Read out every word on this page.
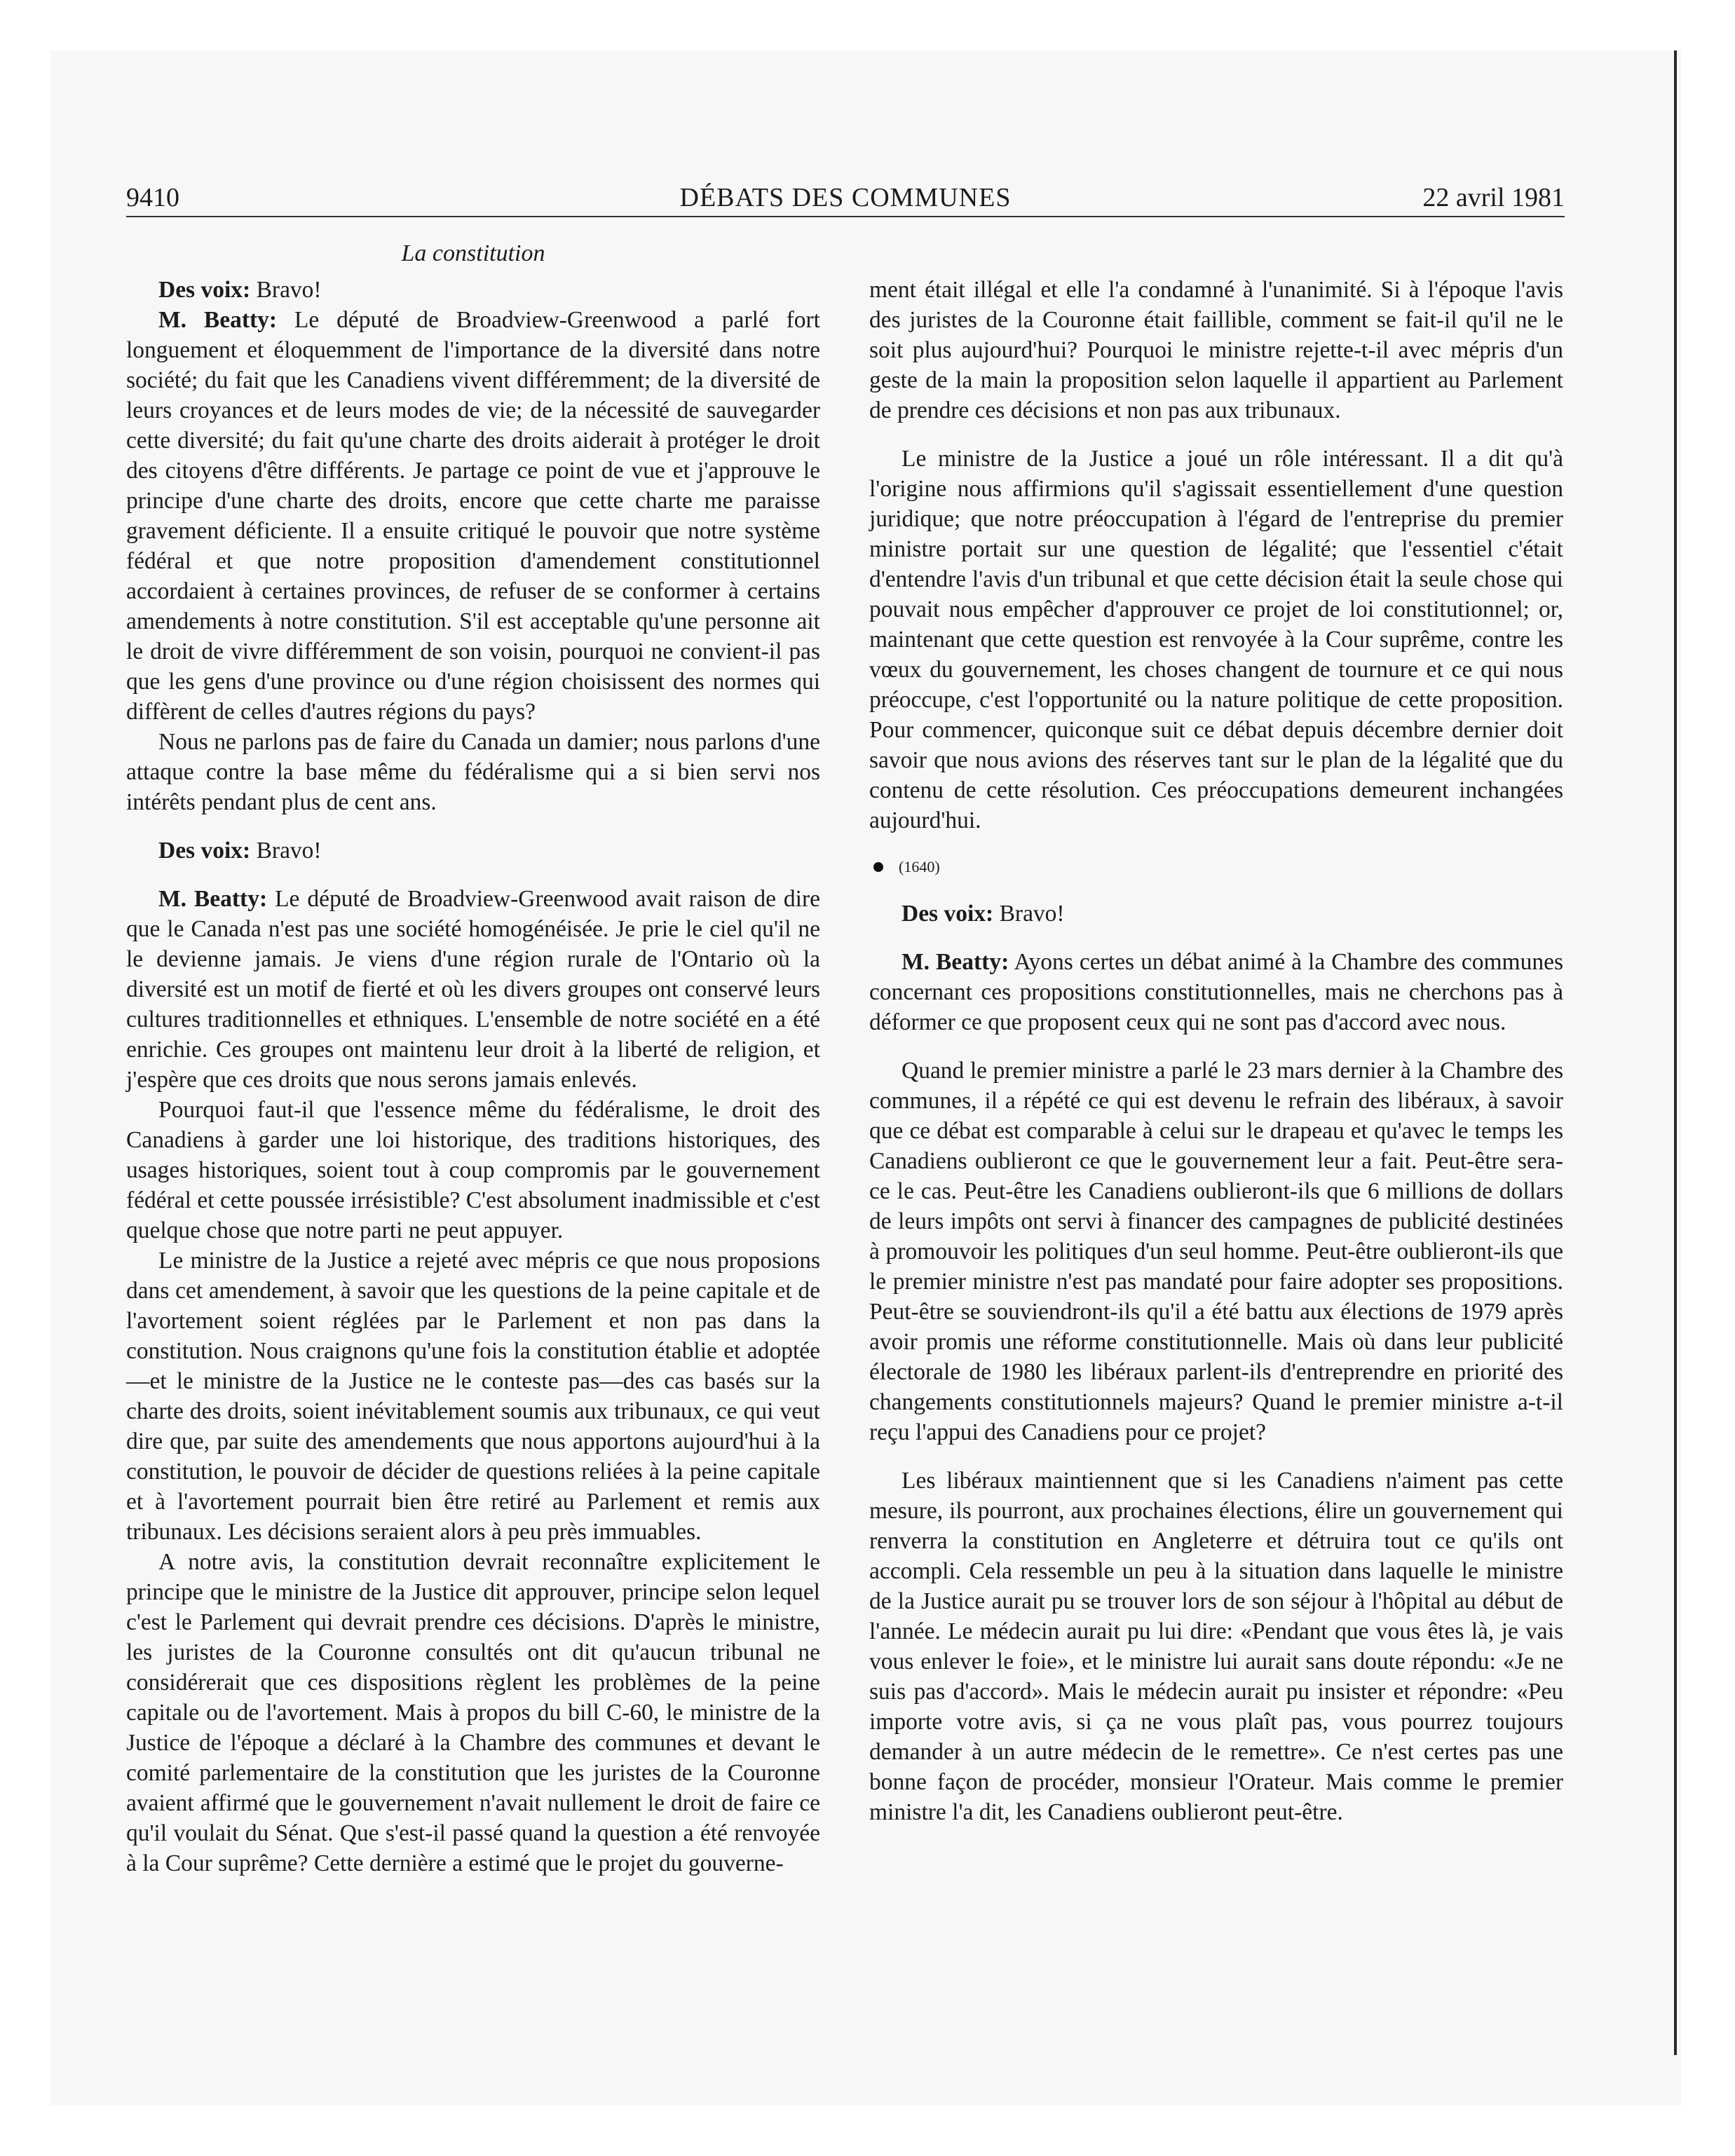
9410	DÉBATS DES COMMUNES	22 avril 1981
La constitution

Des voix: Bravo!

M. Beatty: Le député de Broadview-Greenwood a parlé fort longuement et éloquemment de l'importance de la diversité dans notre société; du fait que les Canadiens vivent différemment; de la diversité de leurs croyances et de leurs modes de vie; de la nécessité de sauvegarder cette diversité; du fait qu'une charte des droits aiderait à protéger le droit des citoyens d'être différents. Je partage ce point de vue et j'approuve le principe d'une charte des droits, encore que cette charte me paraisse gravement déficiente. Il a ensuite critiqué le pouvoir que notre système fédéral et que notre proposition d'amendement constitutionnel accordaient à certaines provinces, de refuser de se conformer à certains amendements à notre constitution. S'il est acceptable qu'une personne ait le droit de vivre différemment de son voisin, pourquoi ne convient-il pas que les gens d'une province ou d'une région choisissent des normes qui diffèrent de celles d'autres régions du pays?

Nous ne parlons pas de faire du Canada un damier; nous parlons d'une attaque contre la base même du fédéralisme qui a si bien servi nos intérêts pendant plus de cent ans.

Des voix: Bravo!

M. Beatty: Le député de Broadview-Greenwood avait raison de dire que le Canada n'est pas une société homogénéisée. Je prie le ciel qu'il ne le devienne jamais. Je viens d'une région rurale de l'Ontario où la diversité est un motif de fierté et où les divers groupes ont conservé leurs cultures traditionnelles et ethniques. L'ensemble de notre société en a été enrichie. Ces groupes ont maintenu leur droit à la liberté de religion, et j'espère que ces droits que nous serons jamais enlevés.

Pourquoi faut-il que l'essence même du fédéralisme, le droit des Canadiens à garder une loi historique, des traditions historiques, des usages historiques, soient tout à coup compromis par le gouvernement fédéral et cette poussée irrésistible? C'est absolument inadmissible et c'est quelque chose que notre parti ne peut appuyer.

Le ministre de la Justice a rejeté avec mépris ce que nous proposions dans cet amendement, à savoir que les questions de la peine capitale et de l'avortement soient réglées par le Parlement et non pas dans la constitution. Nous craignons qu'une fois la constitution établie et adoptée—et le ministre de la Justice ne le conteste pas—des cas basés sur la charte des droits, soient inévitablement soumis aux tribunaux, ce qui veut dire que, par suite des amendements que nous apportons aujourd'hui à la constitution, le pouvoir de décider de questions reliées à la peine capitale et à l'avortement pourrait bien être retiré au Parlement et remis aux tribunaux. Les décisions seraient alors à peu près immuables.

A notre avis, la constitution devrait reconnaître explicitement le principe que le ministre de la Justice dit approuver, principe selon lequel c'est le Parlement qui devrait prendre ces décisions. D'après le ministre, les juristes de la Couronne consultés ont dit qu'aucun tribunal ne considérerait que ces dispositions règlent les problèmes de la peine capitale ou de l'avortement. Mais à propos du bill C-60, le ministre de la Justice de l'époque a déclaré à la Chambre des communes et devant le comité parlementaire de la constitution que les juristes de la Couronne avaient affirmé que le gouvernement n'avait nullement le droit de faire ce qu'il voulait du Sénat. Que s'est-il passé quand la question a été renvoyée à la Cour suprême? Cette dernière a estimé que le projet du gouverne-

ment était illégal et elle l'a condamné à l'unanimité. Si à l'époque l'avis des juristes de la Couronne était faillible, comment se fait-il qu'il ne le soit plus aujourd'hui? Pourquoi le ministre rejette-t-il avec mépris d'un geste de la main la proposition selon laquelle il appartient au Parlement de prendre ces décisions et non pas aux tribunaux.

Le ministre de la Justice a joué un rôle intéressant. Il a dit qu'à l'origine nous affirmions qu'il s'agissait essentiellement d'une question juridique; que notre préoccupation à l'égard de l'entreprise du premier ministre portait sur une question de légalité; que l'essentiel c'était d'entendre l'avis d'un tribunal et que cette décision était la seule chose qui pouvait nous empêcher d'approuver ce projet de loi constitutionnel; or, maintenant que cette question est renvoyée à la Cour suprême, contre les vœux du gouvernement, les choses changent de tournure et ce qui nous préoccupe, c'est l'opportunité ou la nature politique de cette proposition. Pour commencer, quiconque suit ce débat depuis décembre dernier doit savoir que nous avions des réserves tant sur le plan de la légalité que du contenu de cette résolution. Ces préoccupations demeurent inchangées aujourd'hui.

(1640)

Des voix: Bravo!

M. Beatty: Ayons certes un débat animé à la Chambre des communes concernant ces propositions constitutionnelles, mais ne cherchons pas à déformer ce que proposent ceux qui ne sont pas d'accord avec nous.

Quand le premier ministre a parlé le 23 mars dernier à la Chambre des communes, il a répété ce qui est devenu le refrain des libéraux, à savoir que ce débat est comparable à celui sur le drapeau et qu'avec le temps les Canadiens oublieront ce que le gouvernement leur a fait. Peut-être sera-ce le cas. Peut-être les Canadiens oublieront-ils que 6 millions de dollars de leurs impôts ont servi à financer des campagnes de publicité destinées à promouvoir les politiques d'un seul homme. Peut-être oublieront-ils que le premier ministre n'est pas mandaté pour faire adopter ses propositions. Peut-être se souviendront-ils qu'il a été battu aux élections de 1979 après avoir promis une réforme constitutionnelle. Mais où dans leur publicité électorale de 1980 les libéraux parlent-ils d'entreprendre en priorité des changements constitutionnels majeurs? Quand le premier ministre a-t-il reçu l'appui des Canadiens pour ce projet?

Les libéraux maintiennent que si les Canadiens n'aiment pas cette mesure, ils pourront, aux prochaines élections, élire un gouvernement qui renverra la constitution en Angleterre et détruira tout ce qu'ils ont accompli. Cela ressemble un peu à la situation dans laquelle le ministre de la Justice aurait pu se trouver lors de son séjour à l'hôpital au début de l'année. Le médecin aurait pu lui dire: «Pendant que vous êtes là, je vais vous enlever le foie», et le ministre lui aurait sans doute répondu: «Je ne suis pas d'accord». Mais le médecin aurait pu insister et répondre: «Peu importe votre avis, si ça ne vous plaît pas, vous pourrez toujours demander à un autre médecin de le remettre». Ce n'est certes pas une bonne façon de procéder, monsieur l'Orateur. Mais comme le premier ministre l'a dit, les Canadiens oublieront peut-être.
